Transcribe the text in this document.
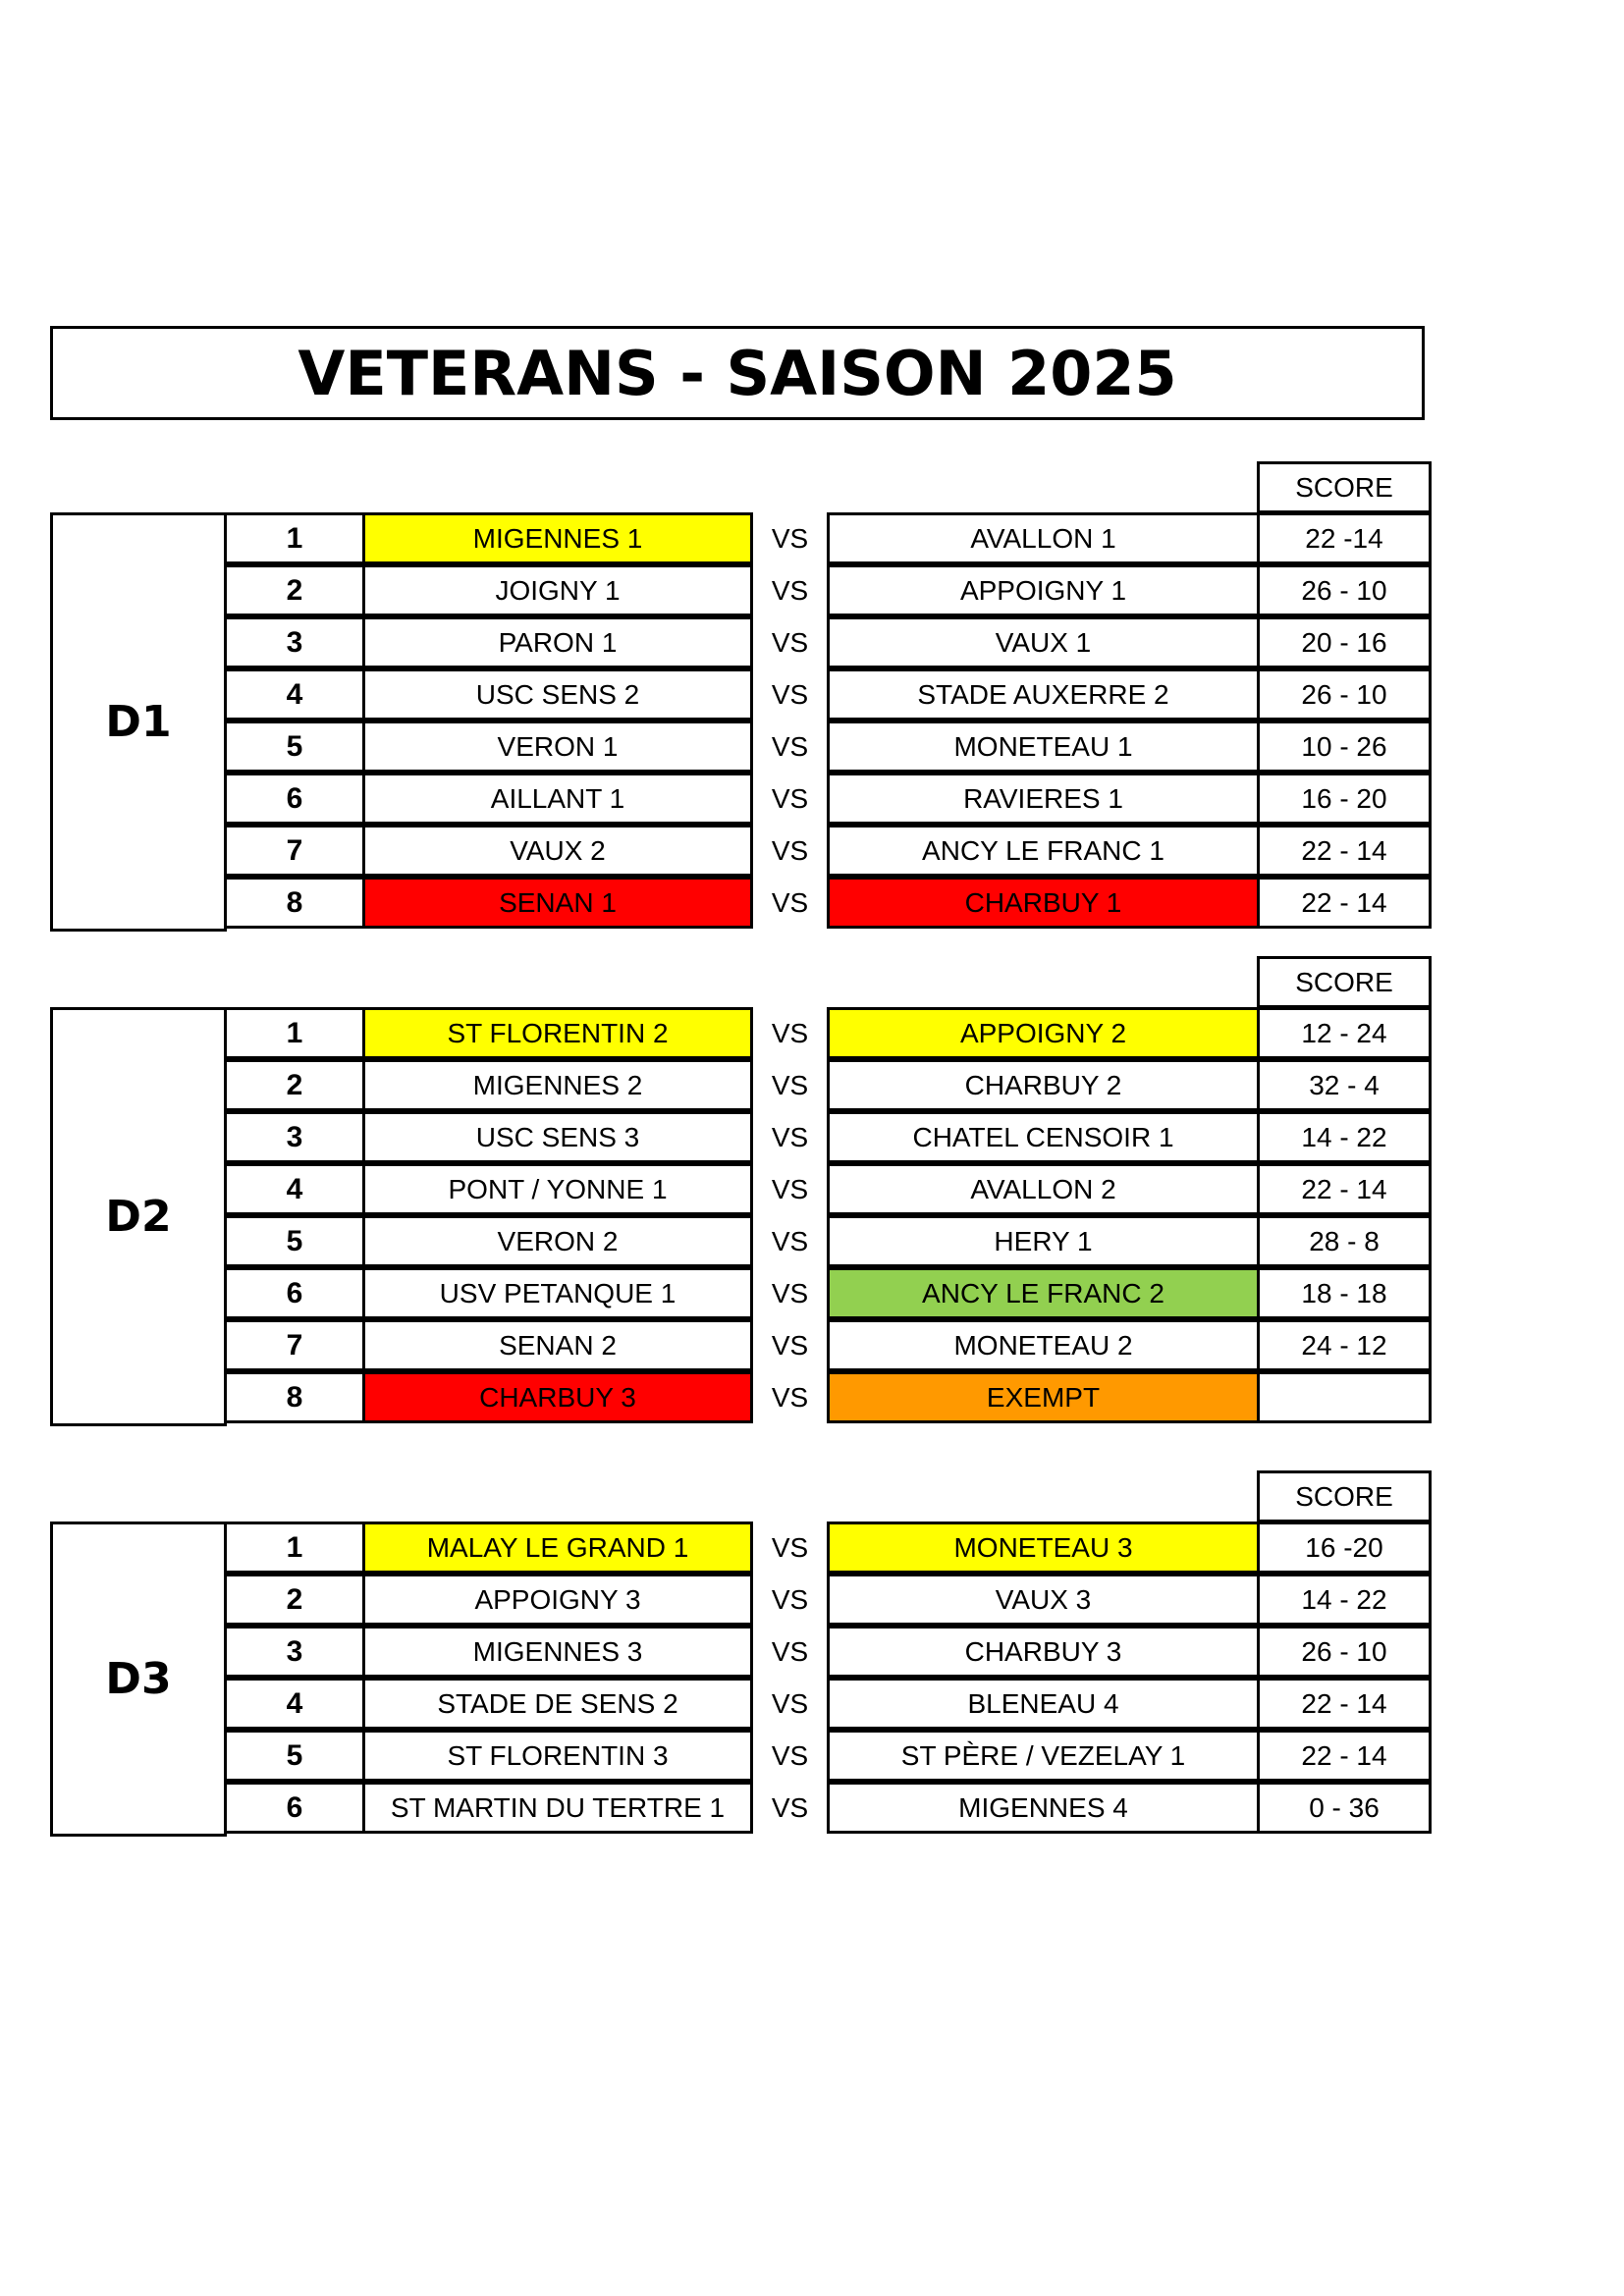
VETERANS - SAISON 2025
SCORE
D1
1	MIGENNES 1	VS	AVALLON 1	22 -14
2	JOIGNY 1	VS	APPOIGNY 1	26 - 10
3	PARON 1	VS	VAUX 1	20 - 16
4	USC SENS 2	VS	STADE AUXERRE 2	26 - 10
5	VERON 1	VS	MONETEAU 1	10 - 26
6	AILLANT 1	VS	RAVIERES 1	16 - 20
7	VAUX 2	VS	ANCY LE FRANC 1	22 - 14
8	SENAN 1	VS	CHARBUY 1	22 - 14
SCORE
D2
1	ST FLORENTIN 2	VS	APPOIGNY 2	12 - 24
2	MIGENNES 2	VS	CHARBUY 2	32 - 4
3	USC SENS 3	VS	CHATEL CENSOIR 1	14 - 22
4	PONT / YONNE 1	VS	AVALLON 2	22 - 14
5	VERON 2	VS	HERY 1	28 - 8
6	USV PETANQUE 1	VS	ANCY LE FRANC 2	18 - 18
7	SENAN 2	VS	MONETEAU 2	24 - 12
8	CHARBUY 3	VS	EXEMPT
SCORE
D3
1	MALAY LE GRAND 1	VS	MONETEAU 3	16 -20
2	APPOIGNY 3	VS	VAUX 3	14 - 22
3	MIGENNES 3	VS	CHARBUY 3	26 - 10
4	STADE DE SENS 2	VS	BLENEAU 4	22 - 14
5	ST FLORENTIN 3	VS	ST PÈRE / VEZELAY 1	22 - 14
6	ST MARTIN DU TERTRE 1	VS	MIGENNES 4	0 - 36
